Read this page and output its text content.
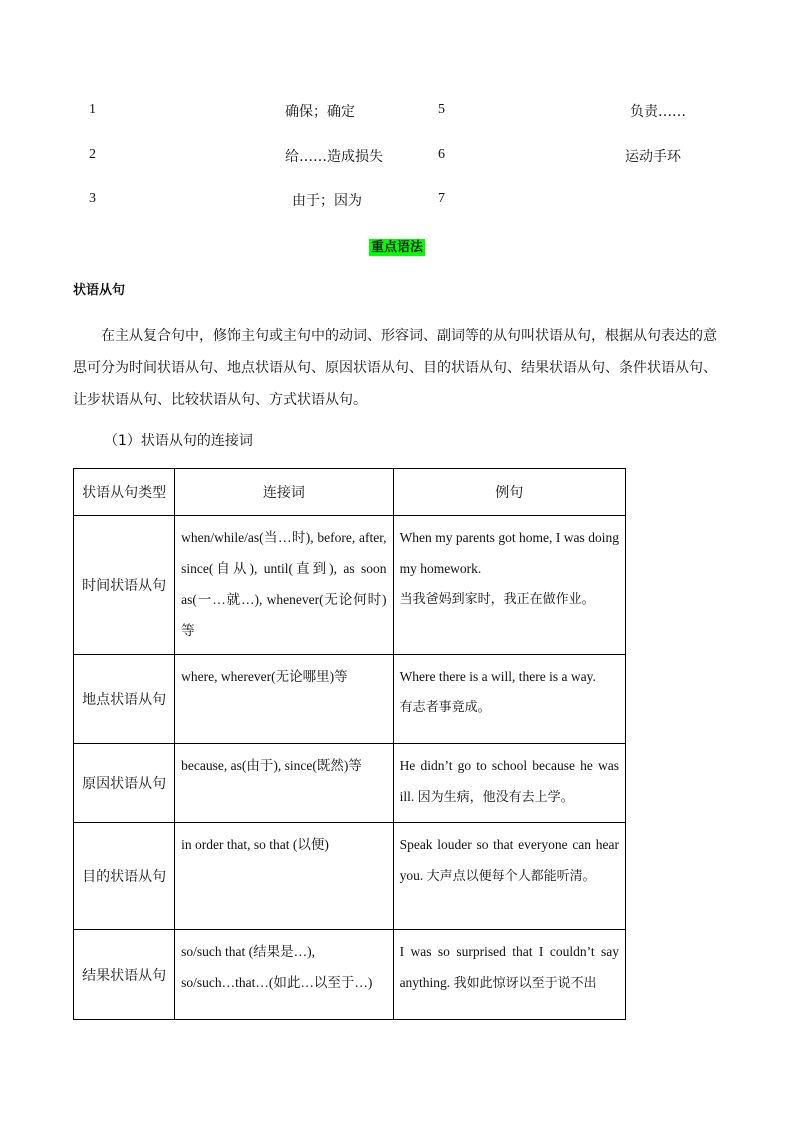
1	确保；确定	5	负责……
2	给……造成损失	6	运动手环
3	由于；因为	7
重点语法
状语从句
在主从复合句中，修饰主句或主句中的动词、形容词、副词等的从句叫状语从句，根据从句表达的意思可分为时间状语从句、地点状语从句、原因状语从句、目的状语从句、结果状语从句、条件状语从句、让步状语从句、比较状语从句、方式状语从句。
（1）状语从句的连接词
状语从句类型	连接词	例句
时间状语从句	when/while/as(当…时), before, after, since(自从), until(直到), as soon as(一…就…), whenever(无论何时)等	When my parents got home, I was doing my homework.
当我爸妈到家时，我正在做作业。

地点状语从句	where, wherever(无论哪里)等	Where there is a will, there is a way.
有志者事竟成。

原因状语从句	because, as(由于), since(既然)等	He didn’t go to school because he was ill. 因为生病，他没有去上学。

目的状语从句	in order that, so that (以便)	Speak louder so that everyone can hear you. 大声点以便每个人都能听清。

结果状语从句	so/such that (结果是…),
so/such…that…(如此…以至于…)	I was so surprised that I couldn’t say anything. 我如此惊讶以至于说不出
